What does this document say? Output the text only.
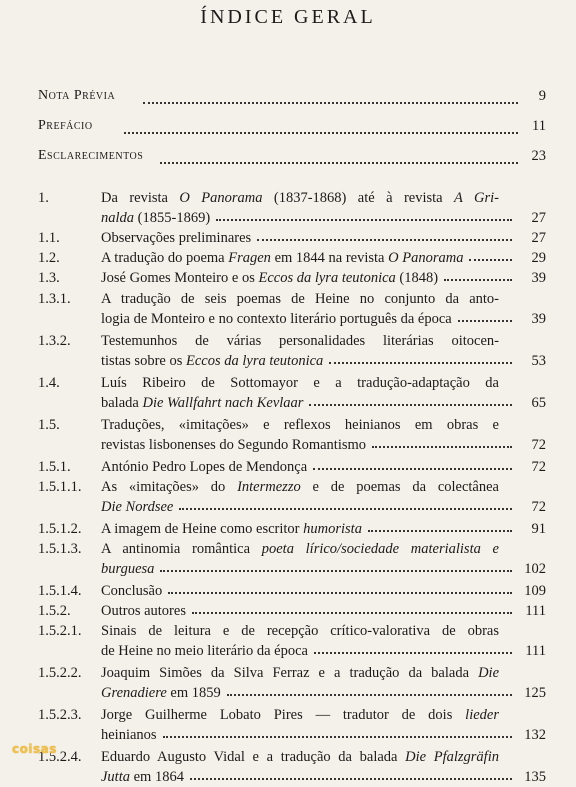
ÍNDICE GERAL
Nota Prévia	9
Prefácio	11
Esclarecimentos	23
1.	Da revista O Panorama (1837-1868) até à revista A Gri-
nalda (1855-1869)	27
1.1.	Observações preliminares	27
1.2.	A tradução do poema Fragen em 1844 na revista O Panorama	29
1.3.	José Gomes Monteiro e os Eccos da lyra teutonica (1848)	39
1.3.1. A tradução de seis poemas de Heine no conjunto da anto-
logia de Monteiro e no contexto literário português da época	39
1.3.2. Testemunhos de várias personalidades literárias oitocen-
tistas sobre os Eccos da lyra teutonica	53
1.4.	Luís Ribeiro de Sottomayor e a tradução-adaptação da
balada Die Wallfahrt nach Kevlaar	65
1.5.	Traduções, «imitações» e reflexos heinianos em obras e
revistas lisbonenses do Segundo Romantismo	72
1.5.1. António Pedro Lopes de Mendonça	72
1.5.1.1. As «imitações» do Intermezzo e de poemas da colectânea
Die Nordsee	72
1.5.1.2. A imagem de Heine como escritor humorista	91
1.5.1.3. A antinomia romântica poeta lírico/sociedade materialista e
burguesa	102
1.5.1.4. Conclusão	109
1.5.2. Outros autores	111
1.5.2.1. Sinais de leitura e de recepção crítico-valorativa de obras
de Heine no meio literário da época	111
1.5.2.2. Joaquim Simões da Silva Ferraz e a tradução da balada Die
Grenadiere em 1859	125
1.5.2.3. Jorge Guilherme Lobato Pires — tradutor de dois lieder
heinianos	132
1.5.2.4. Eduardo Augusto Vidal e a tradução da balada Die Pfalzgräfin
Jutta em 1864	135
coisas
